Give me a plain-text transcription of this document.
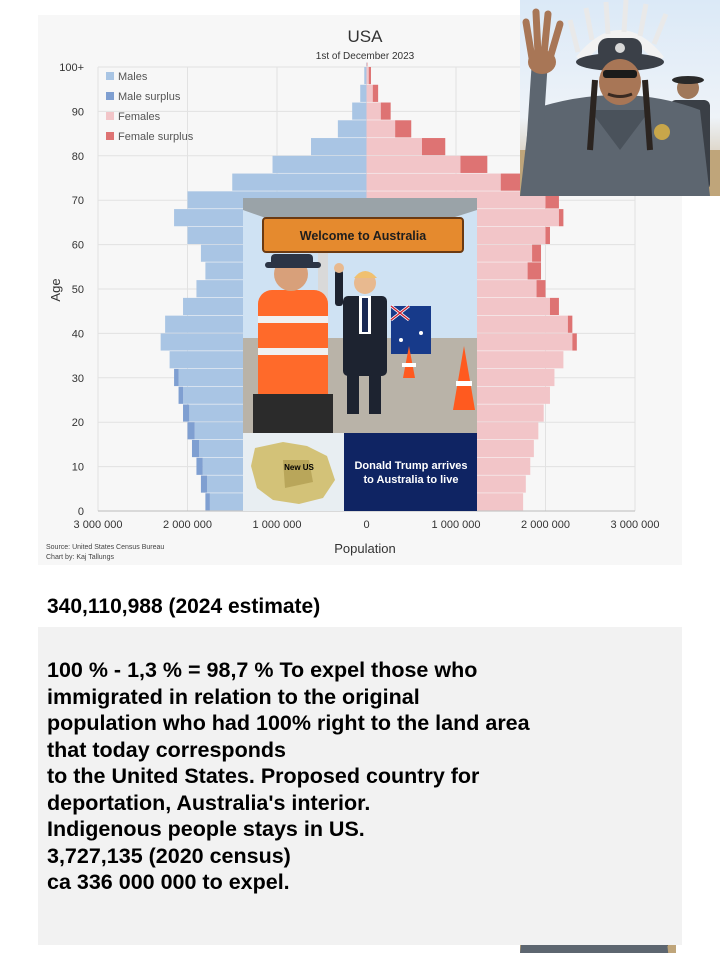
3 000 000	2 000 000	1 000 000	0	1 000 000	2 000 000	3 000 000
0
10
20
30
40
50
60
70
80
90
100+
USA
1st of December 2023
Population
Age
Source: United States Census Bureau
Chart by: Kaj Tallungs
Males
Male surplus
Females
Female surplus
Welcome to Australia
New US	Donald Trump arrives
to Australia to live

340,110,988 (2024 estimate)

100 % - 1,3 % = 98,7 % To expel those who
immigrated in relation to the original
population who had 100% right to the land area
that today corresponds
to the United States. Proposed country for
deportation, Australia's interior.
Indigenous people stays in US.
3,727,135 (2020 census)
ca 336 000 000 to expel.
